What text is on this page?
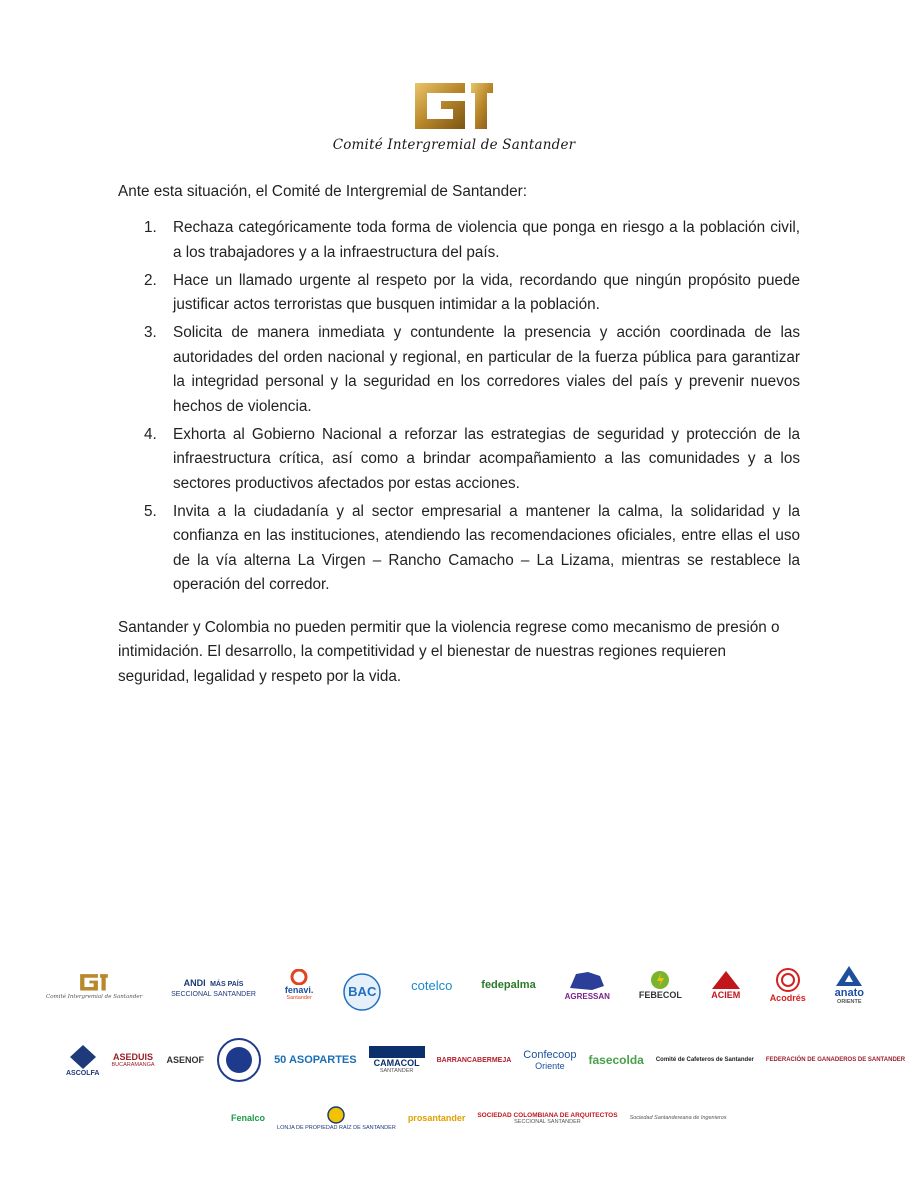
Comité Intergremial de Santander

Ante esta situación, el Comité de Intergremial de Santander:

1. Rechaza categóricamente toda forma de violencia que ponga en riesgo a la población civil, a los trabajadores y a la infraestructura del país.
2. Hace un llamado urgente al respeto por la vida, recordando que ningún propósito puede justificar actos terroristas que busquen intimidar a la población.
3. Solicita de manera inmediata y contundente la presencia y acción coordinada de las autoridades del orden nacional y regional, en particular de la fuerza pública para garantizar la integridad personal y la seguridad en los corredores viales del país y prevenir nuevos hechos de violencia.
4. Exhorta al Gobierno Nacional a reforzar las estrategias de seguridad y protección de la infraestructura crítica, así como a brindar acompañamiento a las comunidades y a los sectores productivos afectados por estas acciones.
5. Invita a la ciudadanía y al sector empresarial a mantener la calma, la solidaridad y la confianza en las instituciones, atendiendo las recomendaciones oficiales, entre ellas el uso de la vía alterna La Virgen – Rancho Camacho – La Lizama, mientras se restablece la operación del corredor.

Santander y Colombia no pueden permitir que la violencia regrese como mecanismo de presión o intimidación. El desarrollo, la competitividad y el bienestar de nuestras regiones requieren seguridad, legalidad y respeto por la vida.

Comité Intergremial de Santander
ANDI MÁS PAÍS
SECCIONAL SANTANDER	fenavi.
Santander	BAC	cotelco	fedepalma
AGRESSAN	FEBECOL	ACIEM	Acodrés	anato
ORIENTE
ASCOLFA
ASEDUIS
BUCARAMANGA ASENOF	50 ASOPARTES CAMACOL
SANTANDER
BARRANCABERMEJA Confecoop
Oriente fasecolda Comité de Cafeteros de Santander FEDERACIÓN DE GANADEROS DE SANTANDER
Fenalco
LONJA DE PROPIEDAD RAÍZ DE SANTANDER
prosantander SOCIEDAD COLOMBIANA DE ARQUITECTOS
SECCIONAL SANTANDER
Sociedad Santandereana de Ingenieros
